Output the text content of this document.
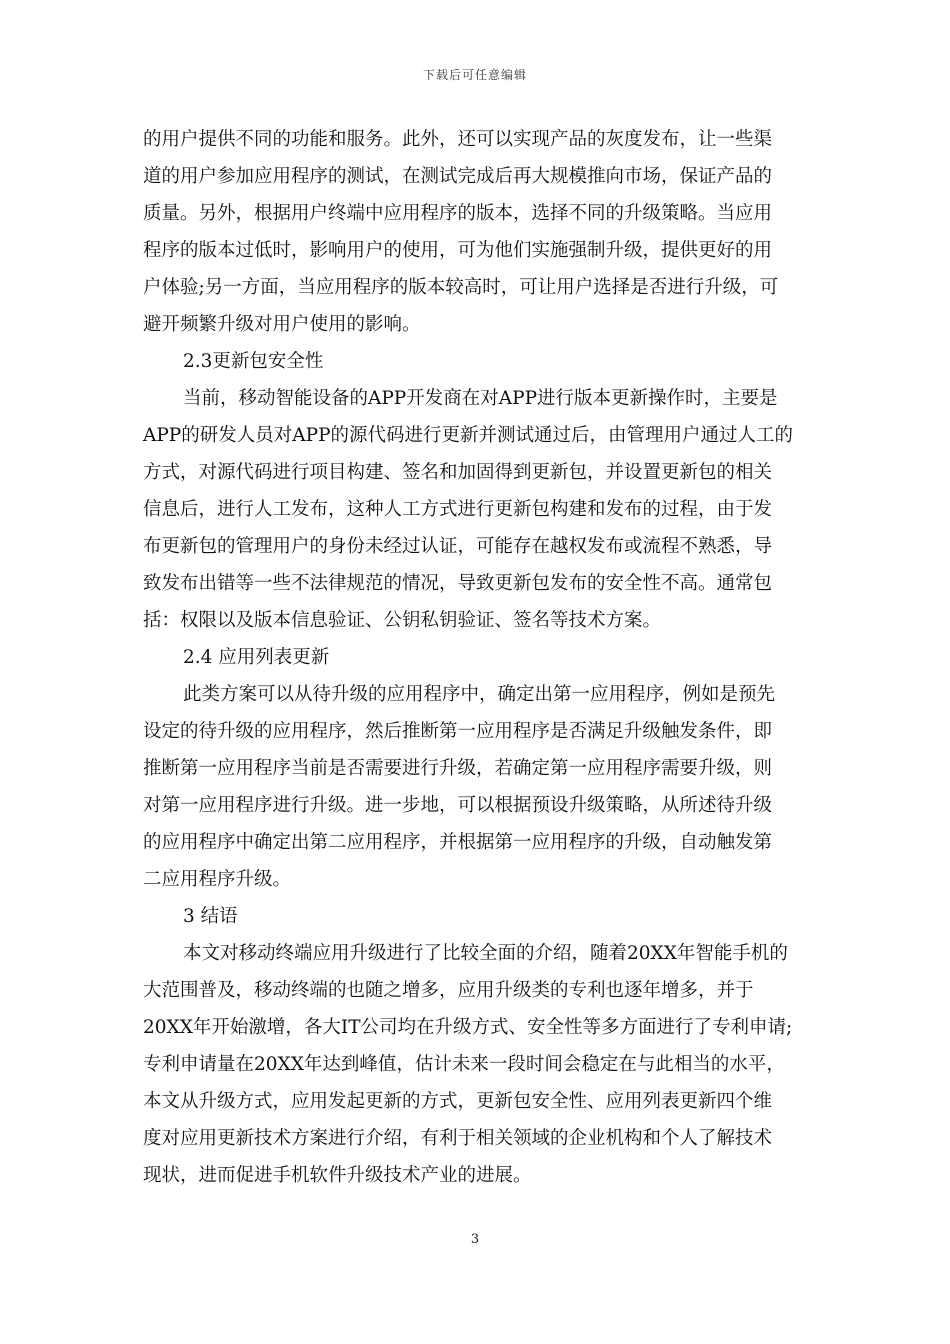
下载后可任意编辑
的用户提供不同的功能和服务。此外，还可以实现产品的灰度发布，让一些渠
道的用户参加应用程序的测试，在测试完成后再大规模推向市场，保证产品的
质量。另外，根据用户终端中应用程序的版本，选择不同的升级策略。当应用
程序的版本过低时，影响用户的使用，可为他们实施强制升级，提供更好的用
户体验;另一方面，当应用程序的版本较高时，可让用户选择是否进行升级，可
避开频繁升级对用户使用的影响。
2.3更新包安全性
当前，移动智能设备的APP开发商在对APP进行版本更新操作时，主要是
APP的研发人员对APP的源代码进行更新并测试通过后，由管理用户通过人工的
方式，对源代码进行项目构建、签名和加固得到更新包，并设置更新包的相关
信息后，进行人工发布，这种人工方式进行更新包构建和发布的过程，由于发
布更新包的管理用户的身份未经过认证，可能存在越权发布或流程不熟悉，导
致发布出错等一些不法律规范的情况，导致更新包发布的安全性不高。通常包
括：权限以及版本信息验证、公钥私钥验证、签名等技术方案。
2.4 应用列表更新
此类方案可以从待升级的应用程序中，确定出第一应用程序，例如是预先
设定的待升级的应用程序，然后推断第一应用程序是否满足升级触发条件，即
推断第一应用程序当前是否需要进行升级，若确定第一应用程序需要升级，则
对第一应用程序进行升级。进一步地，可以根据预设升级策略，从所述待升级
的应用程序中确定出第二应用程序，并根据第一应用程序的升级，自动触发第
二应用程序升级。
3 结语
本文对移动终端应用升级进行了比较全面的介绍，随着20XX年智能手机的
大范围普及，移动终端的也随之增多，应用升级类的专利也逐年增多，并于
20XX年开始激增，各大IT公司均在升级方式、安全性等多方面进行了专利申请;
专利申请量在20XX年达到峰值，估计未来一段时间会稳定在与此相当的水平，
本文从升级方式，应用发起更新的方式，更新包安全性、应用列表更新四个维
度对应用更新技术方案进行介绍，有利于相关领域的企业机构和个人了解技术
现状，进而促进手机软件升级技术产业的进展。
3
